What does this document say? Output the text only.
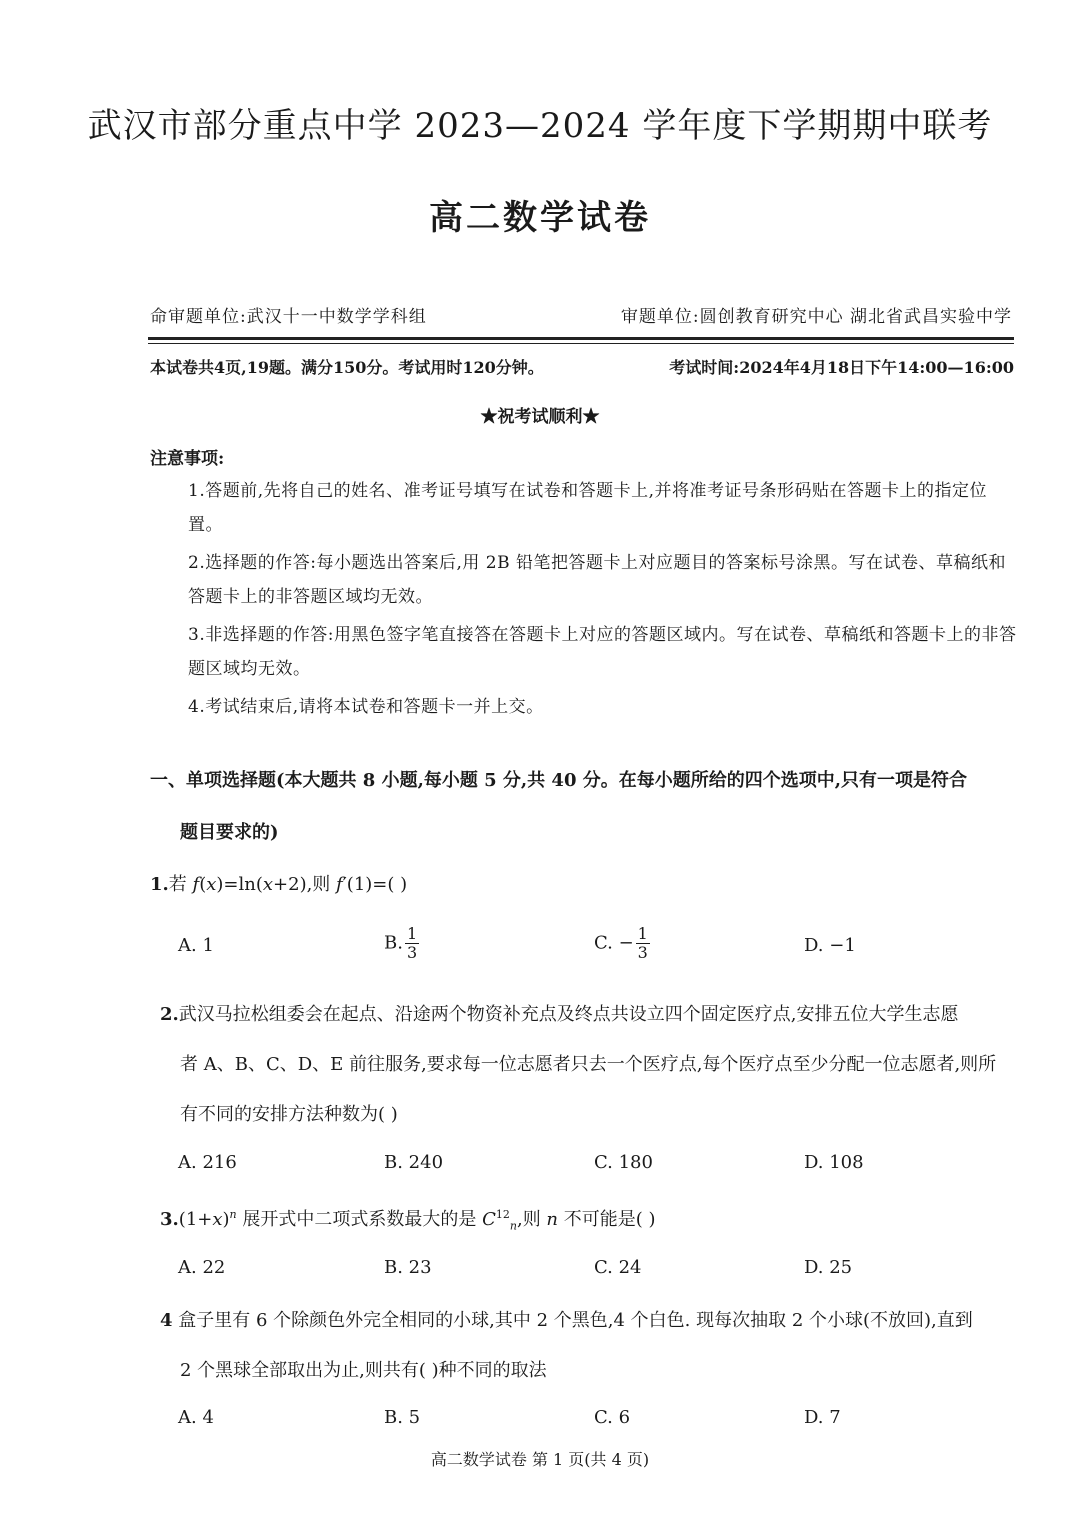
武汉市部分重点中学 2023—2024 学年度下学期期中联考
高二数学试卷
命审题单位:武汉十一中数学学科组	审题单位:圆创教育研究中心 湖北省武昌实验中学
本试卷共4页,19题。满分150分。考试用时120分钟。	考试时间:2024年4月18日下午14:00—16:00
★祝考试顺利★
注意事项:
1.答题前,先将自己的姓名、准考证号填写在试卷和答题卡上,并将准考证号条形码贴在答题卡上的指定位置。
2.选择题的作答:每小题选出答案后,用 2B 铅笔把答题卡上对应题目的答案标号涂黑。写在试卷、草稿纸和答题卡上的非答题区域均无效。
3.非选择题的作答:用黑色签字笔直接答在答题卡上对应的答题区域内。写在试卷、草稿纸和答题卡上的非答题区域均无效。
4.考试结束后,请将本试卷和答题卡一并上交。
一、单项选择题(本大题共 8 小题,每小题 5 分,共 40 分。在每小题所给的四个选项中,只有一项是符合
题目要求的)
1.若 f(x)=ln(x+2),则 f′(1)=( )
A. 1	B. $\frac{1}{3}$	C. − $\frac{1}{3}$	D. −1
2.武汉马拉松组委会在起点、沿途两个物资补充点及终点共设立四个固定医疗点,安排五位大学生志愿
者 A、B、C、D、E 前往服务,要求每一位志愿者只去一个医疗点,每个医疗点至少分配一位志愿者,则所
有不同的安排方法种数为( )
A. 216	B. 240	C. 180	D. 108
$3.(1+x)^n$ 展开式中二项式系数最大的是 $C^{12}_n$,则 n 不可能是( )
A. 22	B. 23	C. 24	D. 25
4 盒子里有 6 个除颜色外完全相同的小球,其中 2 个黑色,4 个白色. 现每次抽取 2 个小球(不放回),直到
2 个黑球全部取出为止,则共有( )种不同的取法
A. 4	B. 5	C. 6	D. 7
高二数学试卷 第 1 页(共 4 页)
